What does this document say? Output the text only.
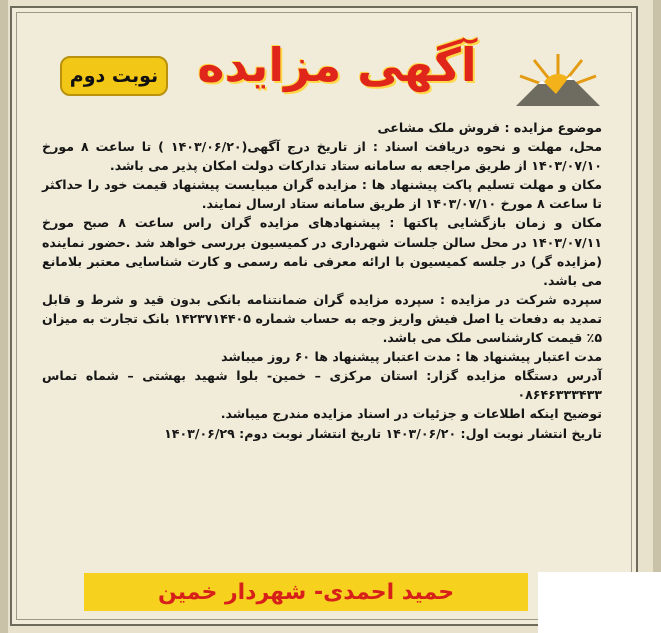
نوبت دوم آگهی مزایده

موضوع مزایده : فروش ملک مشاعی

محل، مهلت و نحوه دریافت اسناد : از تاریخ درج آگهی(۱۴۰۳/۰۶/۲۰ ) تا ساعت ۸ مورخ ۱۴۰۳/۰۷/۱۰ از طریق مراجعه به سامانه ستاد تدارکات دولت امکان پذیر می باشد.

مکان و مهلت تسلیم پاکت پیشنهاد ها : مزایده گران میبایست پیشنهاد قیمت خود را حداکثر تا ساعت ۸ مورخ ۱۴۰۳/۰۷/۱۰ از طریق سامانه ستاد ارسال نمایند.

مکان و زمان بازگشایی پاکتها : پیشنهادهای مزایده گران راس ساعت ۸ صبح مورخ ۱۴۰۳/۰۷/۱۱ در محل سالن جلسات شهرداری در کمیسیون بررسی خواهد شد .حضور نماینده (مزایده گر) در جلسه کمیسیون با ارائه معرفی نامه رسمی و کارت شناسایی معتبر بلامانع می باشد.

سپرده شرکت در مزایده : سپرده مزایده گران ضمانتنامه بانکی بدون قید و شرط و قابل تمدید به دفعات یا اصل فیش واریز وجه به حساب شماره ۱۴۲۳۷۱۴۴۰۵ بانک تجارت به میزان ۵٪ قیمت کارشناسی ملک می باشد.

مدت اعتبار پیشنهاد ها : مدت اعتبار پیشنهاد ها ۶۰ روز میباشد

آدرس دستگاه مزایده گزار: استان مرکزی – خمین- بلوا شهید بهشتی – شماه تماس ۰۸۶۴۶۳۳۳۴۳۳

توضیح اینکه اطلاعات و جزئیات در اسناد مزایده مندرج میباشد.

تاریخ انتشار نوبت اول: ۱۴۰۳/۰۶/۲۰ تاریخ انتشار نوبت دوم: ۱۴۰۳/۰۶/۲۹

حمید احمدی- شهردار خمین
